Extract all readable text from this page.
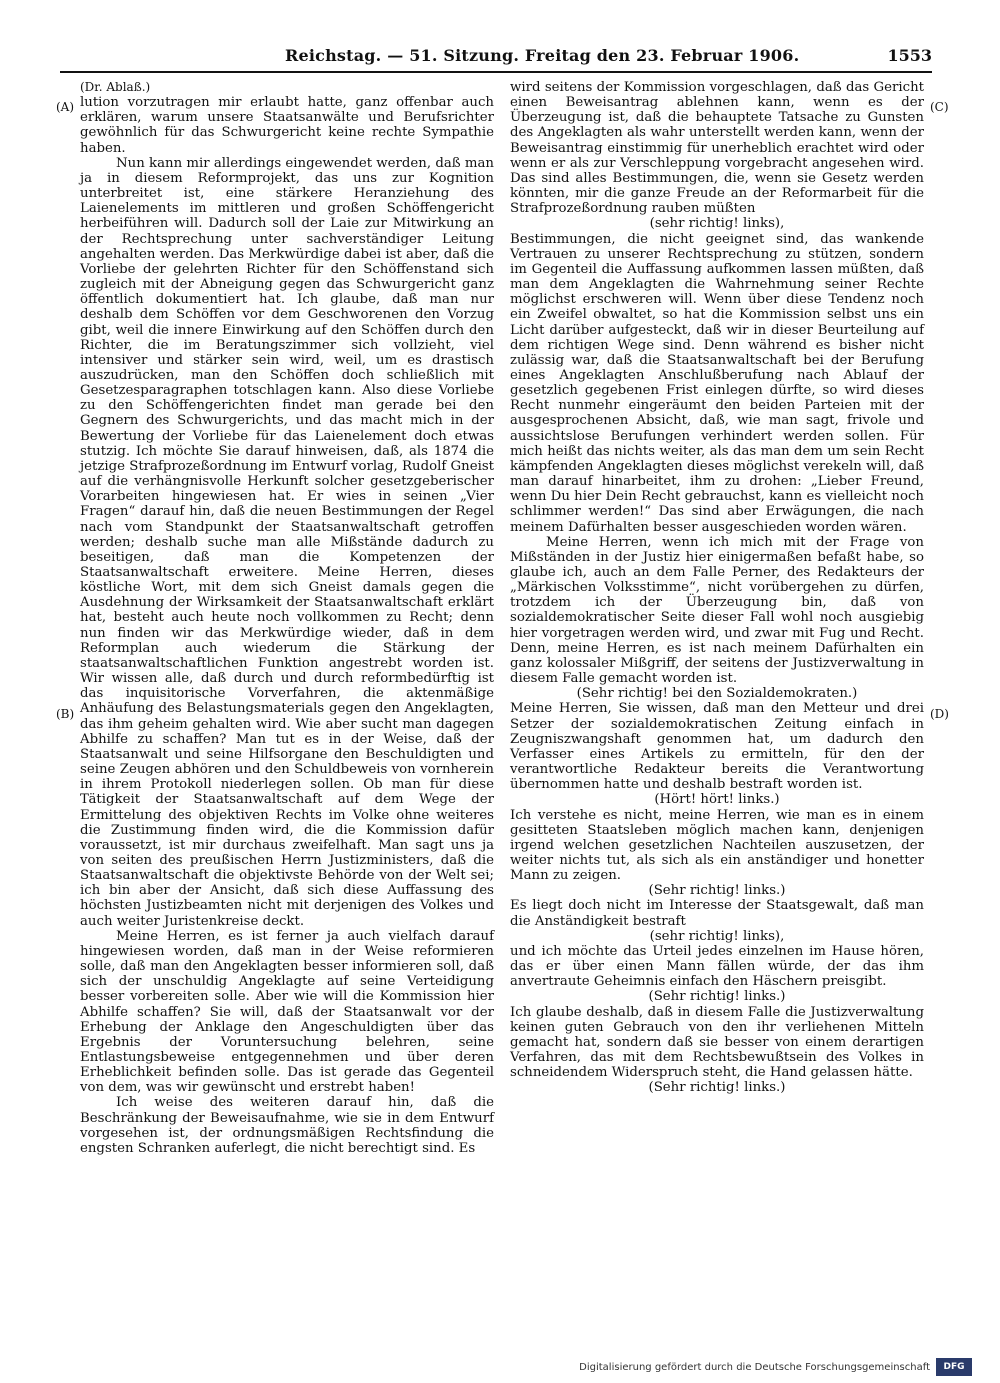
Reichstag. — 51. Sitzung. Freitag den 23. Februar 1906.	1553
(A)
(B)
(C)
(D)

(Dr. Ablaß.)

lution vorzutragen mir erlaubt hatte, ganz offenbar auch erklären, warum unsere Staatsanwälte und Berufsrichter gewöhnlich für das Schwurgericht keine rechte Sympathie haben.

Nun kann mir allerdings eingewendet werden, daß man ja in diesem Reformprojekt, das uns zur Kognition unterbreitet ist, eine stärkere Heranziehung des Laienelements im mittleren und großen Schöffengericht herbeiführen will. Dadurch soll der Laie zur Mitwirkung an der Rechtsprechung unter sachverständiger Leitung angehalten werden. Das Merkwürdige dabei ist aber, daß die Vorliebe der gelehrten Richter für den Schöffenstand sich zugleich mit der Abneigung gegen das Schwurgericht ganz öffentlich dokumentiert hat. Ich glaube, daß man nur deshalb dem Schöffen vor dem Geschworenen den Vorzug gibt, weil die innere Einwirkung auf den Schöffen durch den Richter, die im Beratungszimmer sich vollzieht, viel intensiver und stärker sein wird, weil, um es drastisch auszudrücken, man den Schöffen doch schließlich mit Gesetzesparagraphen totschlagen kann. Also diese Vorliebe zu den Schöffengerichten findet man gerade bei den Gegnern des Schwurgerichts, und das macht mich in der Bewertung der Vorliebe für das Laienelement doch etwas stutzig. Ich möchte Sie darauf hinweisen, daß, als 1874 die jetzige Strafprozeßordnung im Entwurf vorlag, Rudolf Gneist auf die verhängnisvolle Herkunft solcher gesetzgeberischer Vorarbeiten hingewiesen hat. Er wies in seinen „Vier Fragen“ darauf hin, daß die neuen Bestimmungen der Regel nach vom Standpunkt der Staatsanwaltschaft getroffen werden; deshalb suche man alle Mißstände dadurch zu beseitigen, daß man die Kompetenzen der Staatsanwaltschaft erweitere. Meine Herren, dieses köstliche Wort, mit dem sich Gneist damals gegen die Ausdehnung der Wirksamkeit der Staatsanwaltschaft erklärt hat, besteht auch heute noch vollkommen zu Recht; denn nun finden wir das Merkwürdige wieder, daß in dem Reformplan auch wiederum die Stärkung der staatsanwaltschaftlichen Funktion angestrebt worden ist. Wir wissen alle, daß durch und durch reformbedürftig ist das inquisitorische Vorverfahren, die aktenmäßige Anhäufung des Belastungsmaterials gegen den Angeklagten, das ihm geheim gehalten wird. Wie aber sucht man dagegen Abhilfe zu schaffen? Man tut es in der Weise, daß der Staatsanwalt und seine Hilfsorgane den Beschuldigten und seine Zeugen abhören und den Schuldbeweis von vornherein in ihrem Protokoll niederlegen sollen. Ob man für diese Tätigkeit der Staatsanwaltschaft auf dem Wege der Ermittelung des objektiven Rechts im Volke ohne weiteres die Zustimmung finden wird, die die Kommission dafür voraussetzt, ist mir durchaus zweifelhaft. Man sagt uns ja von seiten des preußischen Herrn Justizministers, daß die Staatsanwaltschaft die objektivste Behörde von der Welt sei; ich bin aber der Ansicht, daß sich diese Auffassung des höchsten Justizbeamten nicht mit derjenigen des Volkes und auch weiter Juristenkreise deckt.

Meine Herren, es ist ferner ja auch vielfach darauf hingewiesen worden, daß man in der Weise reformieren solle, daß man den Angeklagten besser informieren soll, daß sich der unschuldig Angeklagte auf seine Verteidigung besser vorbereiten solle. Aber wie will die Kommission hier Abhilfe schaffen? Sie will, daß der Staatsanwalt vor der Erhebung der Anklage den Angeschuldigten über das Ergebnis der Voruntersuchung belehren, seine Entlastungsbeweise entgegennehmen und über deren Erheblichkeit befinden solle. Das ist gerade das Gegenteil von dem, was wir gewünscht und erstrebt haben!

Ich weise des weiteren darauf hin, daß die Beschränkung der Beweisaufnahme, wie sie in dem Entwurf vorgesehen ist, der ordnungsmäßigen Rechtsfindung die engsten Schranken auferlegt, die nicht berechtigt sind. Es

wird seitens der Kommission vorgeschlagen, daß das Gericht einen Beweisantrag ablehnen kann, wenn es der Überzeugung ist, daß die behauptete Tatsache zu Gunsten des Angeklagten als wahr unterstellt werden kann, wenn der Beweisantrag einstimmig für unerheblich erachtet wird oder wenn er als zur Verschleppung vorgebracht angesehen wird. Das sind alles Bestimmungen, die, wenn sie Gesetz werden könnten, mir die ganze Freude an der Reformarbeit für die Strafprozeßordnung rauben müßten

(sehr richtig! links),

Bestimmungen, die nicht geeignet sind, das wankende Vertrauen zu unserer Rechtsprechung zu stützen, sondern im Gegenteil die Auffassung aufkommen lassen müßten, daß man dem Angeklagten die Wahrnehmung seiner Rechte möglichst erschweren will. Wenn über diese Tendenz noch ein Zweifel obwaltet, so hat die Kommission selbst uns ein Licht darüber aufgesteckt, daß wir in dieser Beurteilung auf dem richtigen Wege sind. Denn während es bisher nicht zulässig war, daß die Staatsanwaltschaft bei der Berufung eines Angeklagten Anschlußberufung nach Ablauf der gesetzlich gegebenen Frist einlegen dürfte, so wird dieses Recht nunmehr eingeräumt den beiden Parteien mit der ausgesprochenen Absicht, daß, wie man sagt, frivole und aussichtslose Berufungen verhindert werden sollen. Für mich heißt das nichts weiter, als das man dem um sein Recht kämpfenden Angeklagten dieses möglichst verekeln will, daß man darauf hinarbeitet, ihm zu drohen: „Lieber Freund, wenn Du hier Dein Recht gebrauchst, kann es vielleicht noch schlimmer werden!“ Das sind aber Erwägungen, die nach meinem Dafürhalten besser ausgeschieden worden wären.

Meine Herren, wenn ich mich mit der Frage von Mißständen in der Justiz hier einigermaßen befaßt habe, so glaube ich, auch an dem Falle Perner, des Redakteurs der „Märkischen Volksstimme“, nicht vorübergehen zu dürfen, trotzdem ich der Überzeugung bin, daß von sozialdemokratischer Seite dieser Fall wohl noch ausgiebig hier vorgetragen werden wird, und zwar mit Fug und Recht. Denn, meine Herren, es ist nach meinem Dafürhalten ein ganz kolossaler Mißgriff, der seitens der Justizverwaltung in diesem Falle gemacht worden ist.

(Sehr richtig! bei den Sozialdemokraten.)

Meine Herren, Sie wissen, daß man den Metteur und drei Setzer der sozialdemokratischen Zeitung einfach in Zeugniszwangshaft genommen hat, um dadurch den Verfasser eines Artikels zu ermitteln, für den der verantwortliche Redakteur bereits die Verantwortung übernommen hatte und deshalb bestraft worden ist.

(Hört! hört! links.)

Ich verstehe es nicht, meine Herren, wie man es in einem gesitteten Staatsleben möglich machen kann, denjenigen irgend welchen gesetzlichen Nachteilen auszusetzen, der weiter nichts tut, als sich als ein anständiger und honetter Mann zu zeigen.

(Sehr richtig! links.)

Es liegt doch nicht im Interesse der Staatsgewalt, daß man die Anständigkeit bestraft

(sehr richtig! links),

und ich möchte das Urteil jedes einzelnen im Hause hören, das er über einen Mann fällen würde, der das ihm anvertraute Geheimnis einfach den Häschern preisgibt.

(Sehr richtig! links.)

Ich glaube deshalb, daß in diesem Falle die Justizverwaltung keinen guten Gebrauch von den ihr verliehenen Mitteln gemacht hat, sondern daß sie besser von einem derartigen Verfahren, das mit dem Rechtsbewußtsein des Volkes in schneidendem Widerspruch steht, die Hand gelassen hätte.

(Sehr richtig! links.)

Digitalisierung gefördert durch die Deutsche Forschungsgemeinschaft	DFG
